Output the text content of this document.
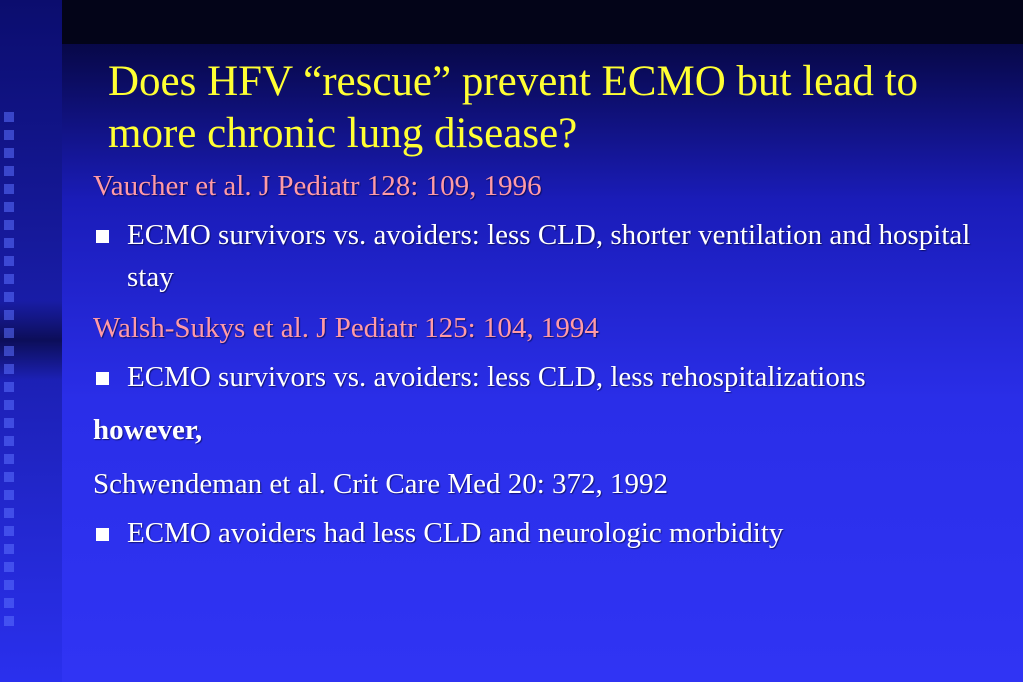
Does HFV “rescue” prevent ECMO but lead to more chronic lung disease?

Vaucher et al. J Pediatr 128: 109, 1996

ECMO survivors vs. avoiders: less CLD, shorter ventilation and hospital stay

Walsh-Sukys et al. J Pediatr 125: 104, 1994

ECMO survivors vs. avoiders: less CLD, less rehospitalizations

however,

Schwendeman et al. Crit Care Med 20: 372, 1992

ECMO avoiders had less CLD and neurologic morbidity
